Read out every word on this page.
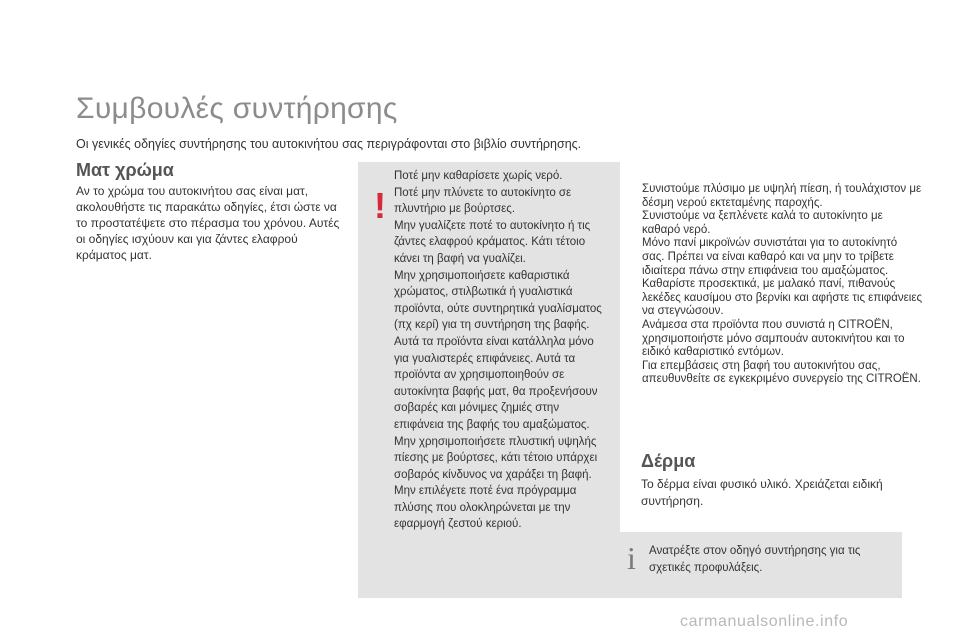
Συμβουλές συντήρησης
Οι γενικές οδηγίες συντήρησης του αυτοκινήτου σας περιγράφονται στο βιβλίο συντήρησης.
Ματ χρώμα
Αν το χρώμα του αυτοκινήτου σας είναι ματ, ακολουθήστε τις παρακάτω οδηγίες, έτσι ώστε να το προστατέψετε στο πέρασμα του χρόνου. Αυτές οι οδηγίες ισχύουν και για ζάντες ελαφρού κράματος ματ.
!
Ποτέ μην καθαρίσετε χωρίς νερό.
Ποτέ μην πλύνετε το αυτοκίνητο σε πλυντήριο με βούρτσες.
Μην γυαλίζετε ποτέ το αυτοκίνητο ή τις ζάντες ελαφρού κράματος. Κάτι τέτοιο κάνει τη βαφή να γυαλίζει.
Μην χρησιμοποιήσετε καθαριστικά χρώματος, στιλβωτικά ή γυαλιστικά προϊόντα, ούτε συντηρητικά γυαλίσματος (πχ κερί) για τη συντήρηση της βαφής. Αυτά τα προϊόντα είναι κατάλληλα μόνο για γυαλιστερές επιφάνειες. Αυτά τα προϊόντα αν χρησιμοποιηθούν σε αυτοκίνητα βαφής ματ, θα προξενήσουν σοβαρές και μόνιμες ζημιές στην επιφάνεια της βαφής του αμαξώματος.
Μην χρησιμοποιήσετε πλυστική υψηλής πίεσης με βούρτσες, κάτι τέτοιο υπάρχει σοβαρός κίνδυνος να χαράξει τη βαφή.
Μην επιλέγετε ποτέ ένα πρόγραμμα πλύσης που ολοκληρώνεται με την εφαρμογή ζεστού κεριού.
Συνιστούμε πλύσιμο με υψηλή πίεση, ή τουλάχιστον με δέσμη νερού εκτεταμένης παροχής.
Συνιστούμε να ξεπλένετε καλά το αυτοκίνητο με καθαρό νερό.
Μόνο πανί μικροϊνών συνιστάται για το αυτοκίνητό σας. Πρέπει να είναι καθαρό και να μην το τρίβετε ιδιαίτερα πάνω στην επιφάνεια του αμαξώματος.
Καθαρίστε προσεκτικά, με μαλακό πανί, πιθανούς λεκέδες καυσίμου στο βερνίκι και αφήστε τις επιφάνειες να στεγνώσουν.
Ανάμεσα στα προϊόντα που συνιστά η CITROËN, χρησιμοποιήστε μόνο σαμπουάν αυτοκινήτου και το ειδικό καθαριστικό εντόμων.
Για επεμβάσεις στη βαφή του αυτοκινήτου σας, απευθυνθείτε σε εγκεκριμένο συνεργείο της CITROËN.
Δέρμα
Το δέρμα είναι φυσικό υλικό. Χρειάζεται ειδική συντήρηση.
i Ανατρέξτε στον οδηγό συντήρησης για τις σχετικές προφυλάξεις.
carmanualsonline.info
